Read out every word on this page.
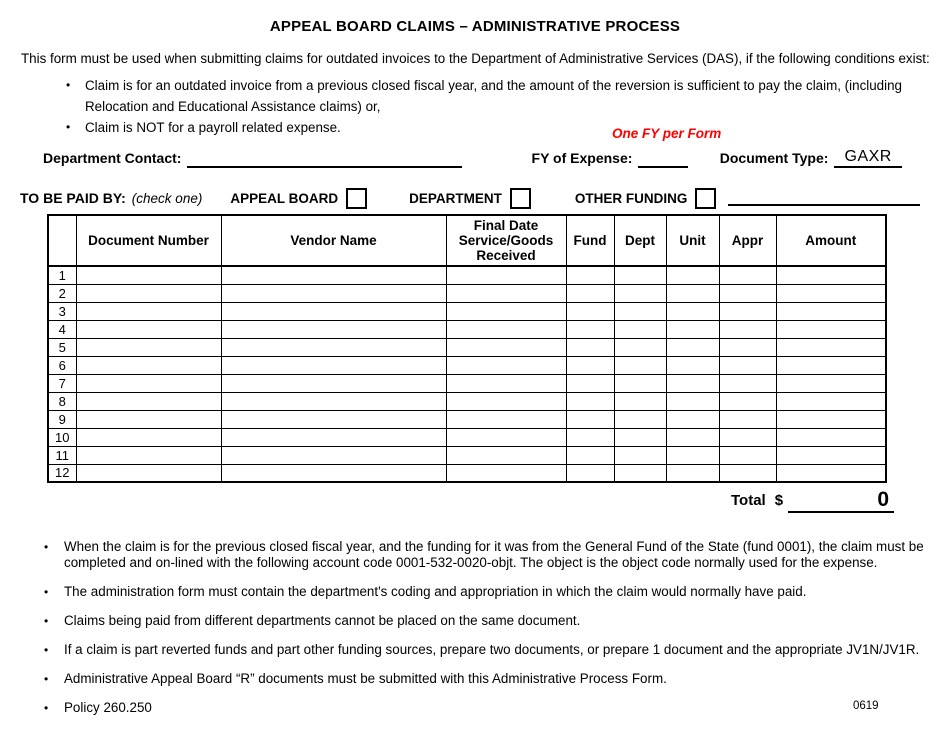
APPEAL BOARD CLAIMS – ADMINISTRATIVE PROCESS
This form must be used when submitting claims for outdated invoices to the Department of Administrative Services (DAS), if the following conditions exist:
• Claim is for an outdated invoice from a previous closed fiscal year, and the amount of the reversion is sufficient to pay the claim, (including Relocation and Educational Assistance claims) or,
• Claim is NOT for a payroll related expense.	One FY per Form
Department Contact:	FY of Expense:	Document Type:	GAXR
TO BE PAID BY: (check one) APPEAL BOARD	DEPARTMENT	OTHER FUNDING
	Document Number	Vendor Name	Final Date Service/Goods Received	Fund	Dept	Unit	Appr	Amount
1								
2								
3								
4								
5								
6								
7								
8								
9								
10								
11								
12								
Total $	0
• When the claim is for the previous closed fiscal year, and the funding for it was from the General Fund of the State (fund 0001), the claim must be completed and on-lined with the following account code 0001-532-0020-objt. The object is the object code normally used for the expense.
• The administration form must contain the department's coding and appropriation in which the claim would normally have paid.
• Claims being paid from different departments cannot be placed on the same document.
• If a claim is part reverted funds and part other funding sources, prepare two documents, or prepare 1 document and the appropriate JV1N/JV1R.
• Administrative Appeal Board “R” documents must be submitted with this Administrative Process Form.
• Policy 260.250	0619
